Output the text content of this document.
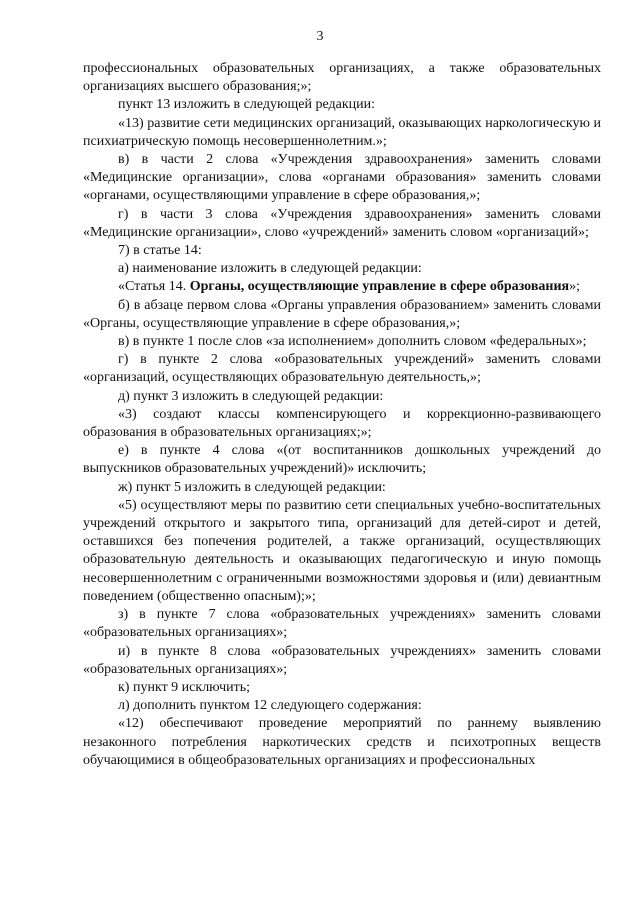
3

профессиональных образовательных организациях, а также образовательных организациях высшего образования;»;

пункт 13 изложить в следующей редакции:

«13) развитие сети медицинских организаций, оказывающих наркологическую и психиатрическую помощь несовершеннолетним.»;

в) в части 2 слова «Учреждения здравоохранения» заменить словами «Медицинские организации», слова «органами образования» заменить словами «органами, осуществляющими управление в сфере образования,»;

г) в части 3 слова «Учреждения здравоохранения» заменить словами «Медицинские организации», слово «учреждений» заменить словом «организаций»;

7) в статье 14:

а) наименование изложить в следующей редакции:

«Статья 14. Органы, осуществляющие управление в сфере образования»;

б) в абзаце первом слова «Органы управления образованием» заменить словами «Органы, осуществляющие управление в сфере образования,»;

в) в пункте 1 после слов «за исполнением» дополнить словом «федеральных»;

г) в пункте 2 слова «образовательных учреждений» заменить словами «организаций, осуществляющих образовательную деятельность,»;

д) пункт 3 изложить в следующей редакции:

«3) создают классы компенсирующего и коррекционно-развивающего образования в образовательных организациях;»;

е) в пункте 4 слова «(от воспитанников дошкольных учреждений до выпускников образовательных учреждений)» исключить;

ж) пункт 5 изложить в следующей редакции:

«5) осуществляют меры по развитию сети специальных учебно-воспитательных учреждений открытого и закрытого типа, организаций для детей-сирот и детей, оставшихся без попечения родителей, а также организаций, осуществляющих образовательную деятельность и оказывающих педагогическую и иную помощь несовершеннолетним с ограниченными возможностями здоровья и (или) девиантным поведением (общественно опасным);»;

з) в пункте 7 слова «образовательных учреждениях» заменить словами «образовательных организациях»;

и) в пункте 8 слова «образовательных учреждениях» заменить словами «образовательных организациях»;

к) пункт 9 исключить;

л) дополнить пунктом 12 следующего содержания:

«12) обеспечивают проведение мероприятий по раннему выявлению незаконного потребления наркотических средств и психотропных веществ обучающимися в общеобразовательных организациях и профессиональных
